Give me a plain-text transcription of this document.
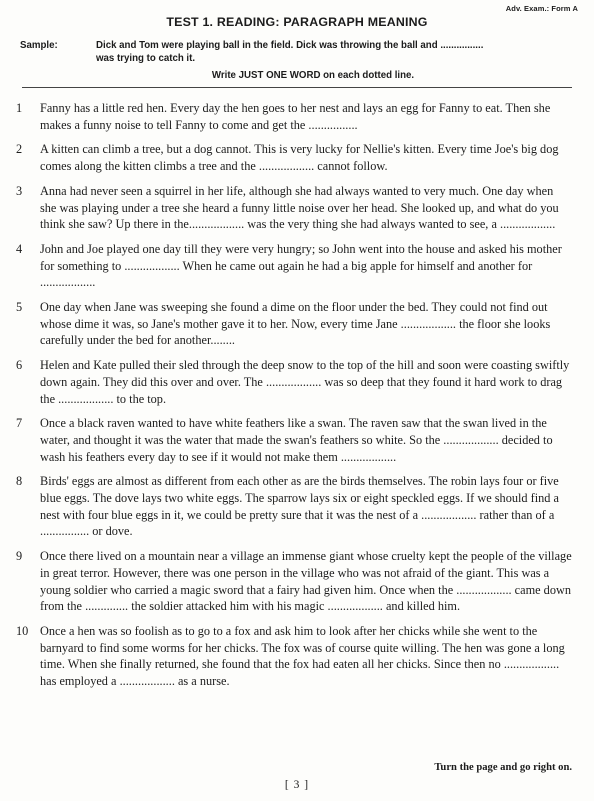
Adv. Exam.: Form A
TEST 1. READING: PARAGRAPH MEANING
Sample:	Dick and Tom were playing ball in the field. Dick was throwing the ball and ................
was trying to catch it.
Write JUST ONE WORD on each dotted line.
1	Fanny has a little red hen. Every day the hen goes to her nest and lays an egg for Fanny to eat. Then she makes a funny noise to tell Fanny to come and get the ................
2	A kitten can climb a tree, but a dog cannot. This is very lucky for Nellie's kitten. Every time Joe's big dog comes along the kitten climbs a tree and the .................. cannot follow.
3	Anna had never seen a squirrel in her life, although she had always wanted to very much. One day when she was playing under a tree she heard a funny little noise over her head. She looked up, and what do you think she saw? Up there in the.................. was the very thing she had always wanted to see, a ..................
4	John and Joe played one day till they were very hungry; so John went into the house and asked his mother for something to .................. When he came out again he had a big apple for himself and another for ..................
5	One day when Jane was sweeping she found a dime on the floor under the bed. They could not find out whose dime it was, so Jane's mother gave it to her. Now, every time Jane .................. the floor she looks carefully under the bed for another........
6	Helen and Kate pulled their sled through the deep snow to the top of the hill and soon were coasting swiftly down again. They did this over and over. The .................. was so deep that they found it hard work to drag the .................. to the top.
7	Once a black raven wanted to have white feathers like a swan. The raven saw that the swan lived in the water, and thought it was the water that made the swan's feathers so white. So the .................. decided to wash his feathers every day to see if it would not make them ..................
8	Birds' eggs are almost as different from each other as are the birds themselves. The robin lays four or five blue eggs. The dove lays two white eggs. The sparrow lays six or eight speckled eggs. If we should find a nest with four blue eggs in it, we could be pretty sure that it was the nest of a .................. rather than of a ................ or dove.
9	Once there lived on a mountain near a village an immense giant whose cruelty kept the people of the village in great terror. However, there was one person in the village who was not afraid of the giant. This was a young soldier who carried a magic sword that a fairy had given him. Once when the .................. came down from the .............. the soldier attacked him with his magic .................. and killed him.
10 Once a hen was so foolish as to go to a fox and ask him to look after her chicks while she went to the barnyard to find some worms for her chicks. The fox was of course quite willing. The hen was gone a long time. When she finally returned, she found that the fox had eaten all her chicks. Since then no .................. has employed a .................. as a nurse.
Turn the page and go right on.
[ 3 ]
